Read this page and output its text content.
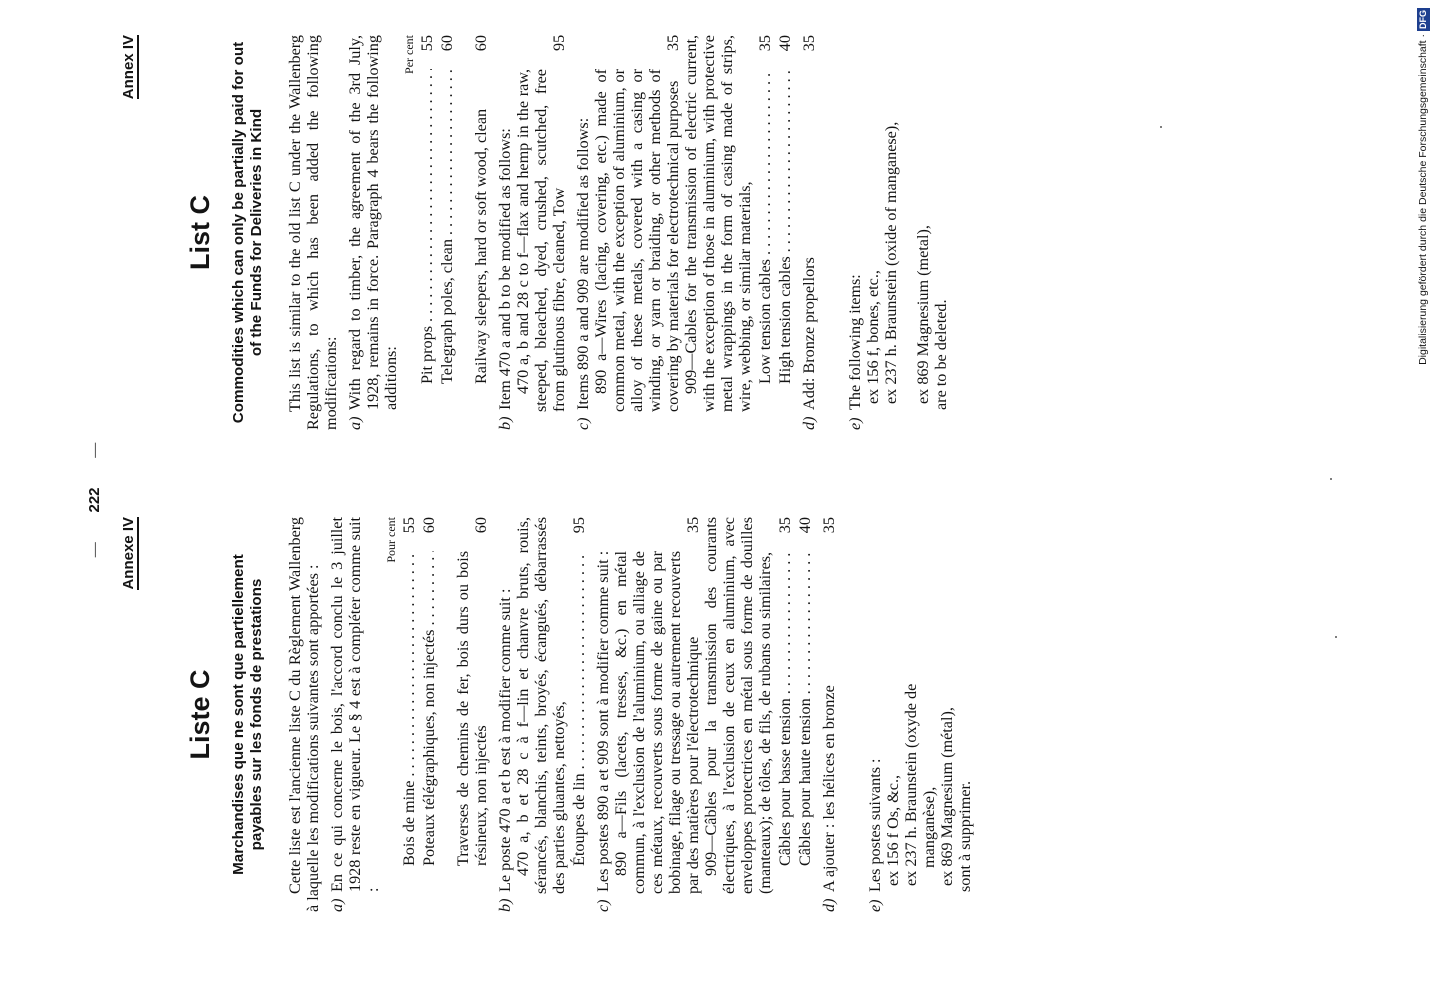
— 222 —
Annexe IV
Liste C Marchandises que ne sont que partiellement payables sur les fonds de prestations Cette liste est l'ancienne liste C du Règlement Wallenberg à laquelle les modifications suivantes sont apportées : a)
En ce qui concerne le bois, l'accord conclu le 3 juillet 1928 reste en vigueur. Le § 4 est à compléter comme suit :
Pour cent
Bois de mine . . .
55
Poteaux télégraphiques, non injectés . . .
60
Traverses de chemins de fer, bois durs ou bois résineux, non injectés
60
b)
Le poste 470 a et b est à modifier comme suit : 470 a, b et 28 c à f—lin et chanvre bruts, rouis, sérancés, blanchis, teints, broyés, écangués, débarrassés des parties gluantes, nettoyés, Étoupes de lin . . .
95
c)
Les postes 890 a et 909 sont à modifier comme suit : 890 a—Fils (lacets, tresses, &c.) en métal commun, à l'exclusion de l'aluminium, ou alliage de ces métaux, recouverts sous forme de gaine ou par bobinage, filage ou tressage ou autrement recouverts par des matières pour l'électrotechnique
35 909—Câbles pour la transmission des courants électriques, à l'exclusion de ceux en aluminium, avec enveloppes protectrices en métal sous forme de douilles (manteaux); de tôles, de fils, de rubans ou similaires, Câbles pour basse tension . . .
35
Câbles pour haute tension . . .
40
d)
A ajouter : les hélices en bronze
35
e)
Les postes suivants : ex 156 f Os, &c., ex 237 h. Braunstein (oxyde de manganèse), ex 869 Magnesium (métal), sont à supprimer.
Annex IV
List C Commodities which can only be partially paid for out of the Funds for Deliveries in Kind This list is similar to the old list C under the Wallenberg Regulations, to which has been added the following modifications: a)
With regard to timber, the agreement of the 3rd July, 1928, remains in force. Paragraph 4 bears the following additions:
Per cent
Pit props . . .
55
Telegraph poles, clean . . .
60
Railway sleepers, hard or soft wood, clean
60
b)
Item 470 a and b to be modified as follows: 470 a, b and 28 c to f—flax and hemp in the raw, steeped, bleached, dyed, crushed, scutched, free from glutinous fibre, cleaned, Tow
95
c)
Items 890 a and 909 are modified as follows: 890 a—Wires (lacing, covering, etc.) made of common metal, with the exception of aluminium, or alloy of these metals, covered with a casing or winding, or yarn or braiding, or other methods of covering by materials for electrotechnical purposes
35 909—Cables for the transmission of electric current, with the exception of those in aluminium, with protective metal wrappings in the form of casing made of strips, wire, webbing, or similar materials, Low tension cables . . .
35
High tension cables . . .
40
d)
Add: Bronze propellors
35
e)
The following items: ex 156 f, bones, etc., ex 237 h. Braunstein (oxide of manganese), ex 869 Magnesium (metal), are to be deleted.	Digitalisierung gefördert durch die Deutsche Forschungsgemeinschaft ·DFG
